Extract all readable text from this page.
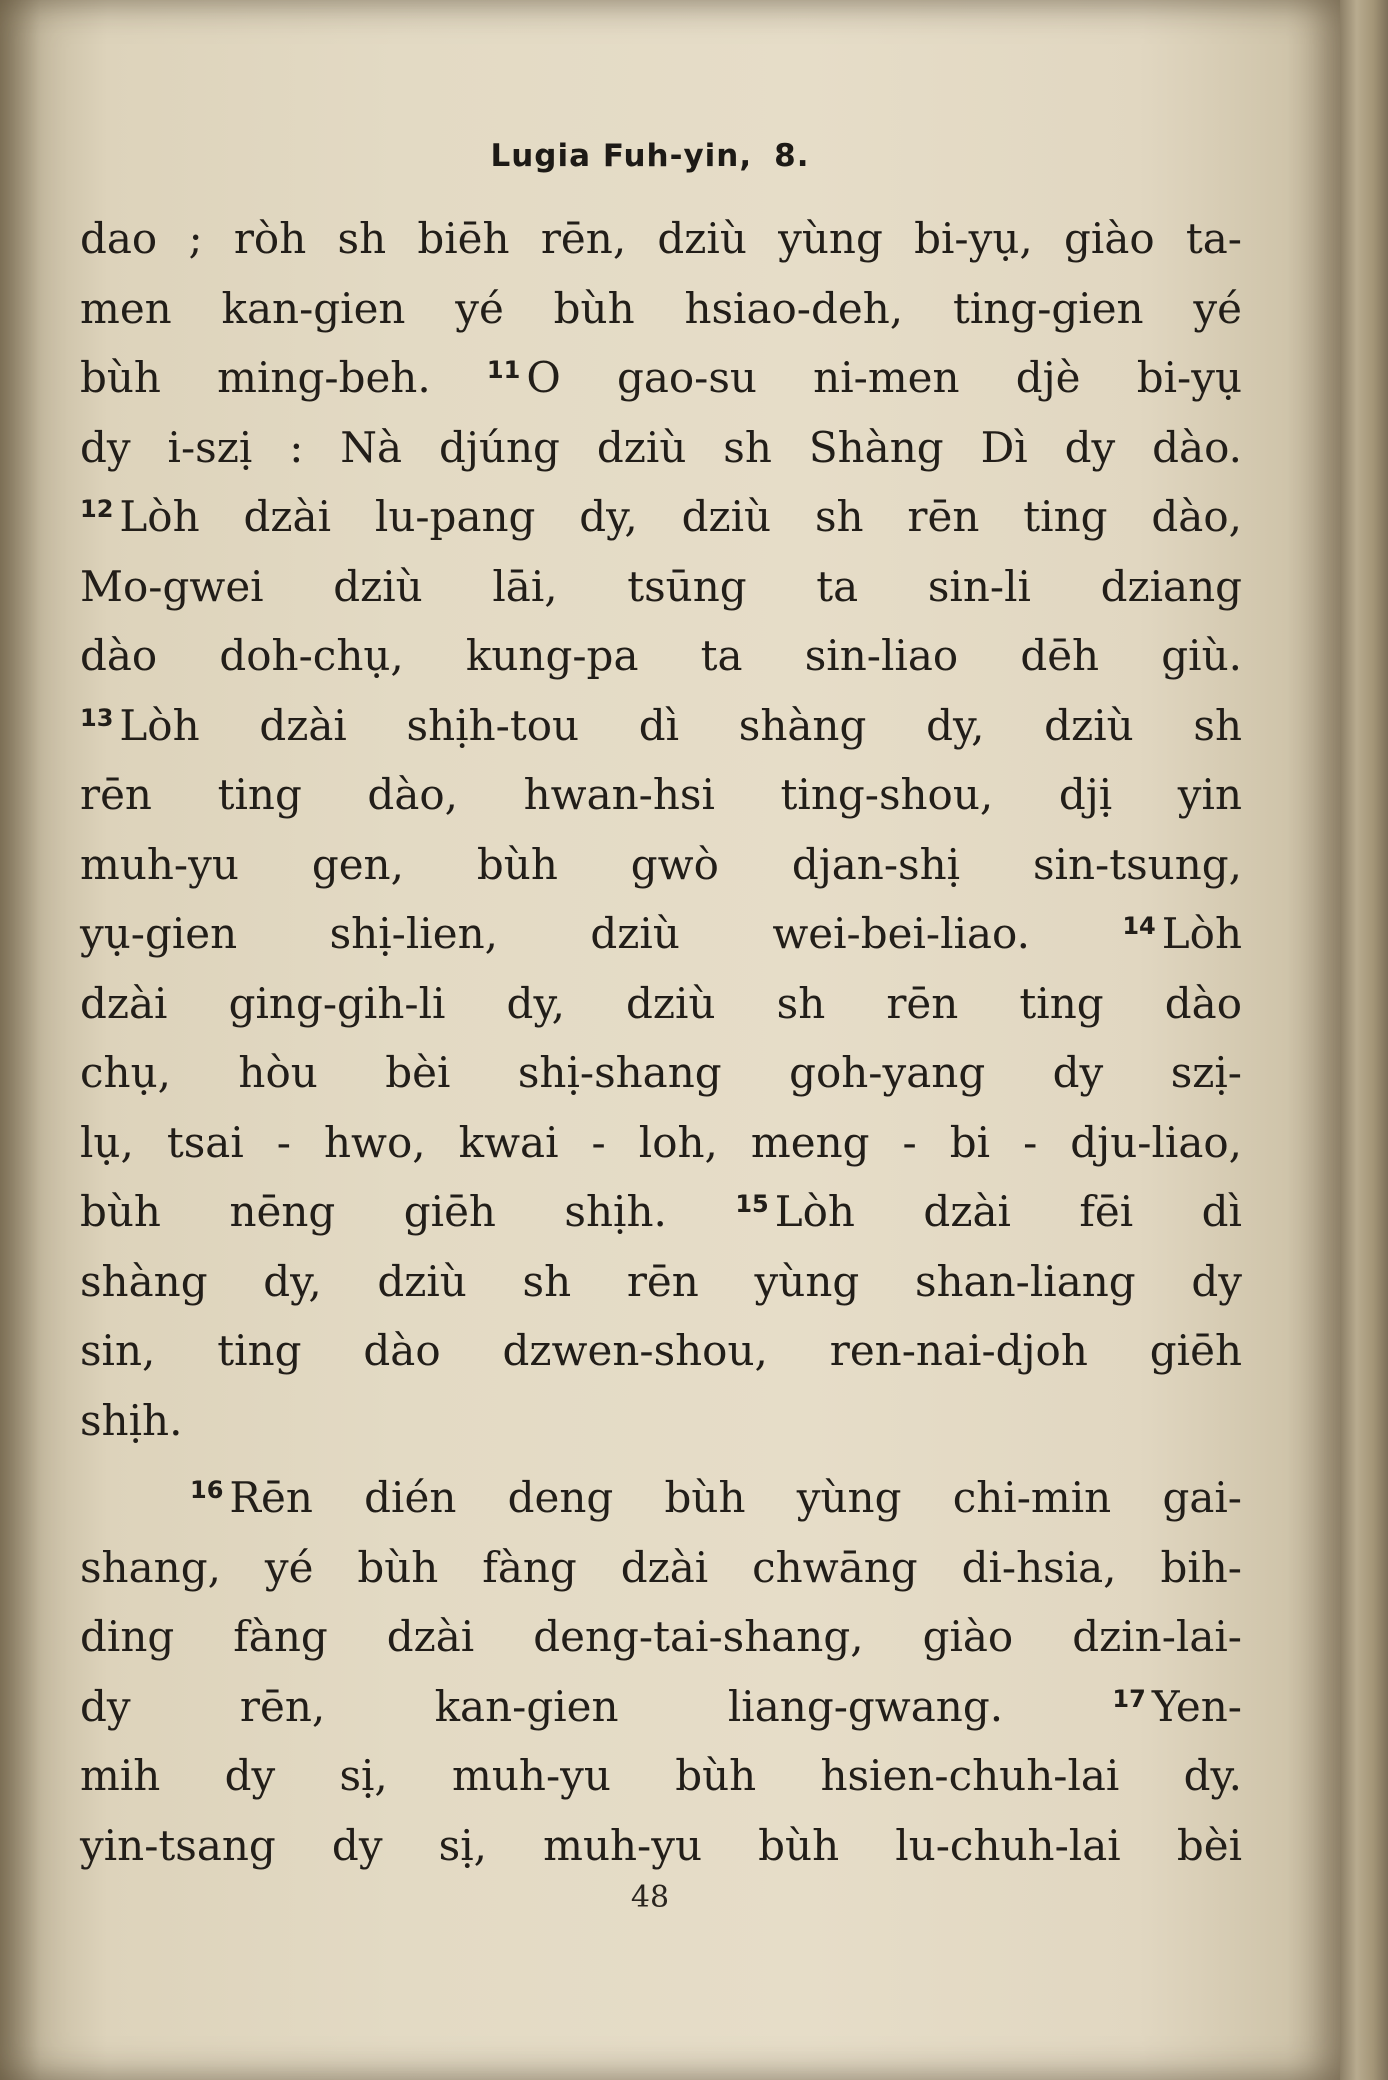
Lugia Fuh-yin, 8.
dao ; ròh sh biēh rēn, dziù yùng bi-yụ, giào ta-
men kan-gien yé bùh hsiao-deh, ting-gien yé
bùh ming-beh. $^{11}$ O gao-su ni-men djè bi-yụ
dy i-szị : Nà djúng dziù sh Shàng Dì dy dào.
$^{12}$ Lòh dzài lu-pang dy, dziù sh rēn ting dào,
Mo-gwei dziù lāi, tsūng ta sin-li dziang
dào doh-chụ, kung-pa ta sin-liao dēh giù.
$^{13}$ Lòh dzài shịh-tou dì shàng dy, dziù sh
rēn ting dào, hwan-hsi ting-shou, djị yin
muh-yu gen, bùh gwò djan-shị sin-tsung,
yụ-gien shị-lien, dziù wei-bei-liao.	$^{14}$ Lòh
dzài ging-gih-li dy, dziù sh rēn ting dào
chụ, hòu bèi shị-shang goh-yang dy szị-
lụ, tsai - hwo, kwai - loh, meng - bi - dju-liao,
bùh nēng giēh shịh.	$^{15}$ Lòh dzài fēi dì
shàng dy, dziù sh rēn yùng shan-liang dy
sin, ting dào dzwen-shou, ren-nai-djoh giēh
shịh.
$^{16}$ Rēn dién deng bùh yùng chi-min gai-
shang, yé bùh fàng dzài chwāng di-hsia, bih-
ding fàng dzài deng-tai-shang, giào dzin-lai-
dy rēn, kan-gien liang-gwang.	$^{17}$ Yen-
mih dy sị, muh-yu bùh hsien-chuh-lai dy.
yin-tsang dy sị, muh-yu bùh lu-chuh-lai bèi
48
